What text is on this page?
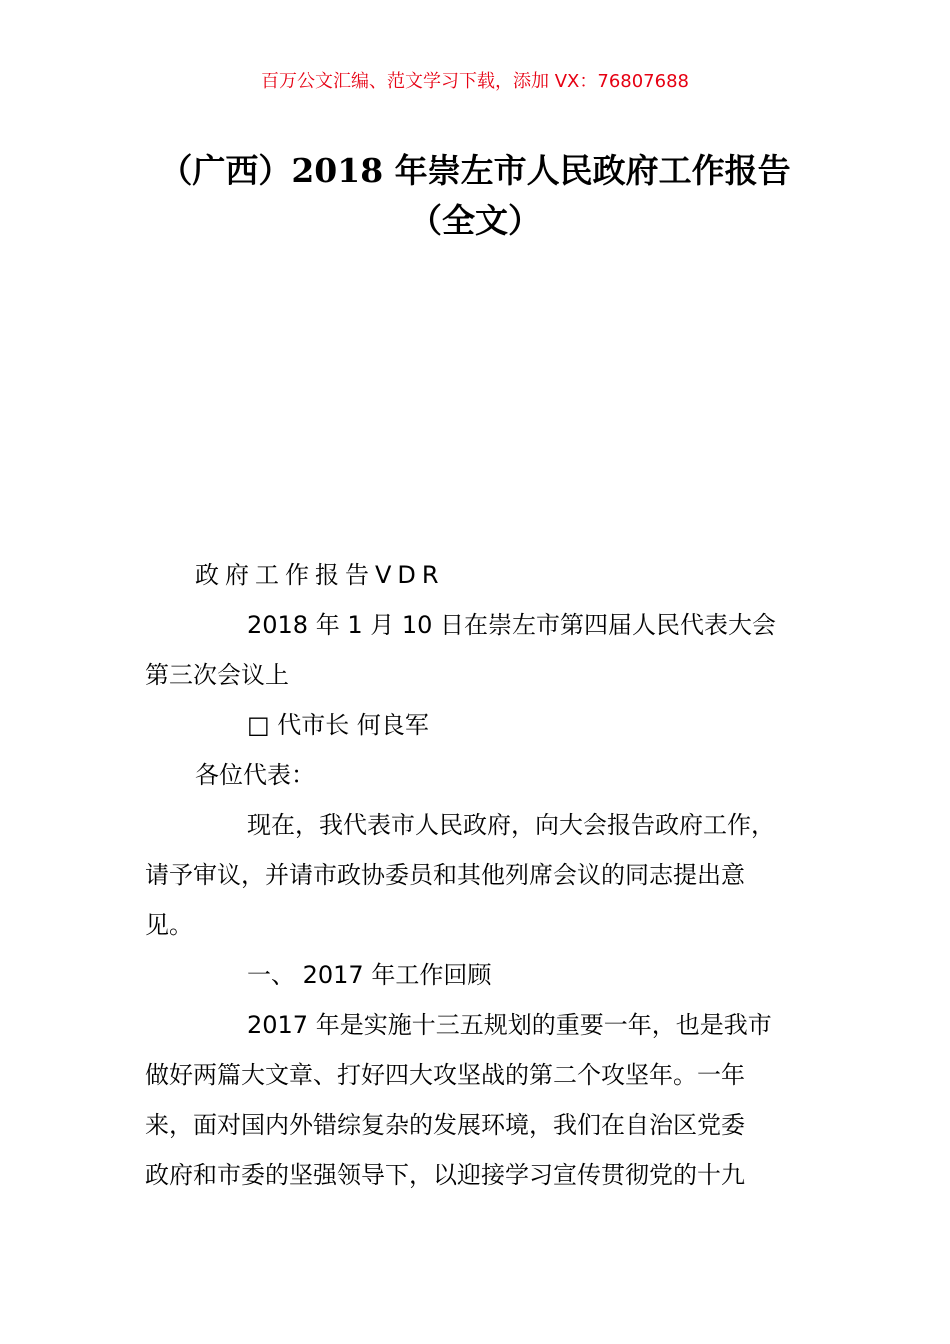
百万公文汇编、范文学习下载，添加 VX：76807688
（广西）2018 年崇左市人民政府工作报告
（全文）

政府工作报告VDR

2018 年 1 月 10 日在崇左市第四届人民代表大会

第三次会议上

□ 代市长 何良军

各位代表：

现在，我代表市人民政府，向大会报告政府工作，

请予审议，并请市政协委员和其他列席会议的同志提出意

见。

一、 2017 年工作回顾

2017 年是实施十三五规划的重要一年，也是我市

做好两篇大文章、打好四大攻坚战的第二个攻坚年。一年

来，面对国内外错综复杂的发展环境，我们在自治区党委

政府和市委的坚强领导下，以迎接学习宣传贯彻党的十九
